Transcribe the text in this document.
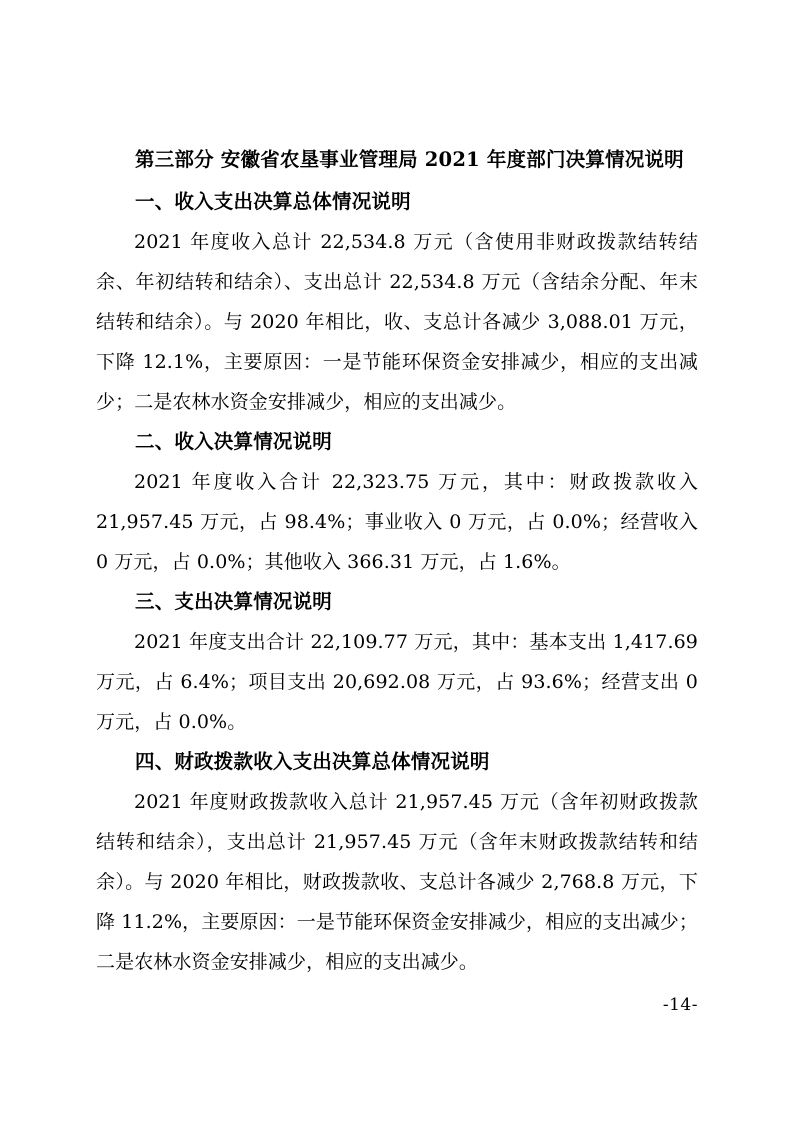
第三部分 安徽省农垦事业管理局 2021 年度部门决算情况说明
一、收入支出决算总体情况说明

2021 年度收入总计 22,534.8 万元（含使用非财政拨款结转结余、年初结转和结余）、支出总计 22,534.8 万元（含结余分配、年末结转和结余）。与 2020 年相比，收、支总计各减少 3,088.01 万元，下降 12.1%，主要原因：一是节能环保资金安排减少，相应的支出减少；二是农林水资金安排减少，相应的支出减少。

二、收入决算情况说明

2021 年度收入合计 22,323.75 万元，其中：财政拨款收入 21,957.45 万元，占 98.4%；事业收入 0 万元，占 0.0%；经营收入 0 万元，占 0.0%；其他收入 366.31 万元，占 1.6%。

三、支出决算情况说明

2021 年度支出合计 22,109.77 万元，其中：基本支出 1,417.69 万元，占 6.4%；项目支出 20,692.08 万元，占 93.6%；经营支出 0 万元，占 0.0%。

四、财政拨款收入支出决算总体情况说明

2021 年度财政拨款收入总计 21,957.45 万元（含年初财政拨款结转和结余），支出总计 21,957.45 万元（含年末财政拨款结转和结余）。与 2020 年相比，财政拨款收、支总计各减少 2,768.8 万元，下降 11.2%，主要原因：一是节能环保资金安排减少，相应的支出减少；二是农林水资金安排减少，相应的支出减少。

-14-
